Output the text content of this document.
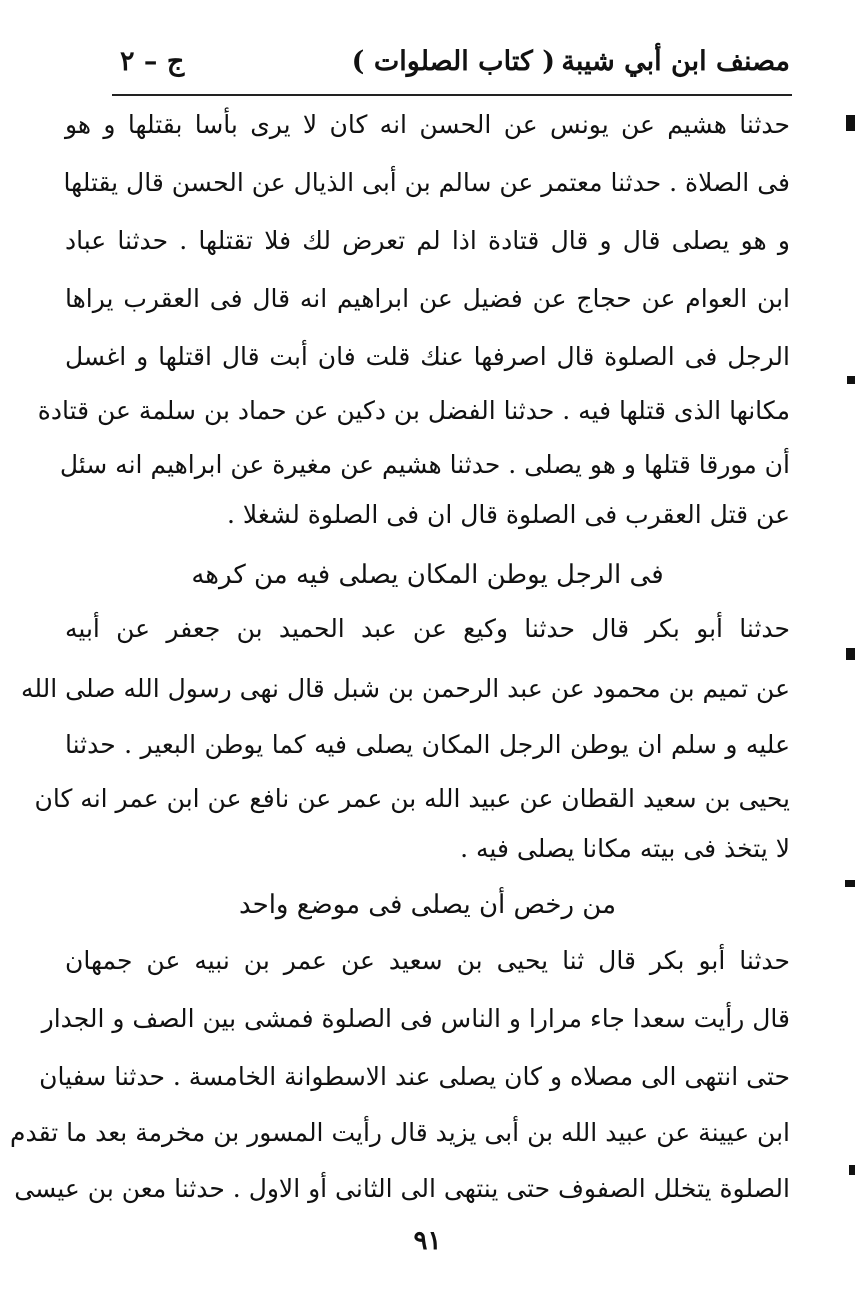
مصنف ابن أبي شيبة
( كتاب الصلوات )
ج – ٢
حدثنا هشيم عن يونس عن الحسن انه كان لا يرى بأسا بقتلها و هو
فى الصلاة . حدثنا معتمر عن سالم بن أبى الذيال عن الحسن قال يقتلها
و هو يصلى قال و قال قتادة اذا لم تعرض لك فلا تقتلها . حدثنا عباد
ابن العوام عن حجاج عن فضيل عن ابراهيم انه قال فى العقرب يراها
الرجل فى الصلوة قال اصرفها عنك قلت فان أبت قال اقتلها و اغسل
مكانها الذى قتلها فيه . حدثنا الفضل بن دكين عن حماد بن سلمة عن قتادة
أن مورقا قتلها و هو يصلى . حدثنا هشيم عن مغيرة عن ابراهيم انه سئل
عن قتل العقرب فى الصلوة قال ان فى الصلوة لشغلا .
فى الرجل يوطن المكان يصلى فيه من كرهه
حدثنا أبو بكر قال حدثنا وكيع عن عبد الحميد بن جعفر عن أبيه
عن تميم بن محمود عن عبد الرحمن بن شبل قال نهى رسول الله صلى الله
عليه و سلم ان يوطن الرجل المكان يصلى فيه كما يوطن البعير . حدثنا
يحيى بن سعيد القطان عن عبيد الله بن عمر عن نافع عن ابن عمر انه كان
لا يتخذ فى بيته مكانا يصلى فيه .
من رخص أن يصلى فى موضع واحد
حدثنا أبو بكر قال ثنا يحيى بن سعيد عن عمر بن نبيه عن جمهان
قال رأيت سعدا جاء مرارا و الناس فى الصلوة فمشى بين الصف و الجدار
حتى انتهى الى مصلاه و كان يصلى عند الاسطوانة الخامسة . حدثنا سفيان
ابن عيينة عن عبيد الله بن أبى يزيد قال رأيت المسور بن مخرمة بعد ما تقدم
الصلوة يتخلل الصفوف حتى ينتهى الى الثانى أو الاول . حدثنا معن بن عيسى
٩١
